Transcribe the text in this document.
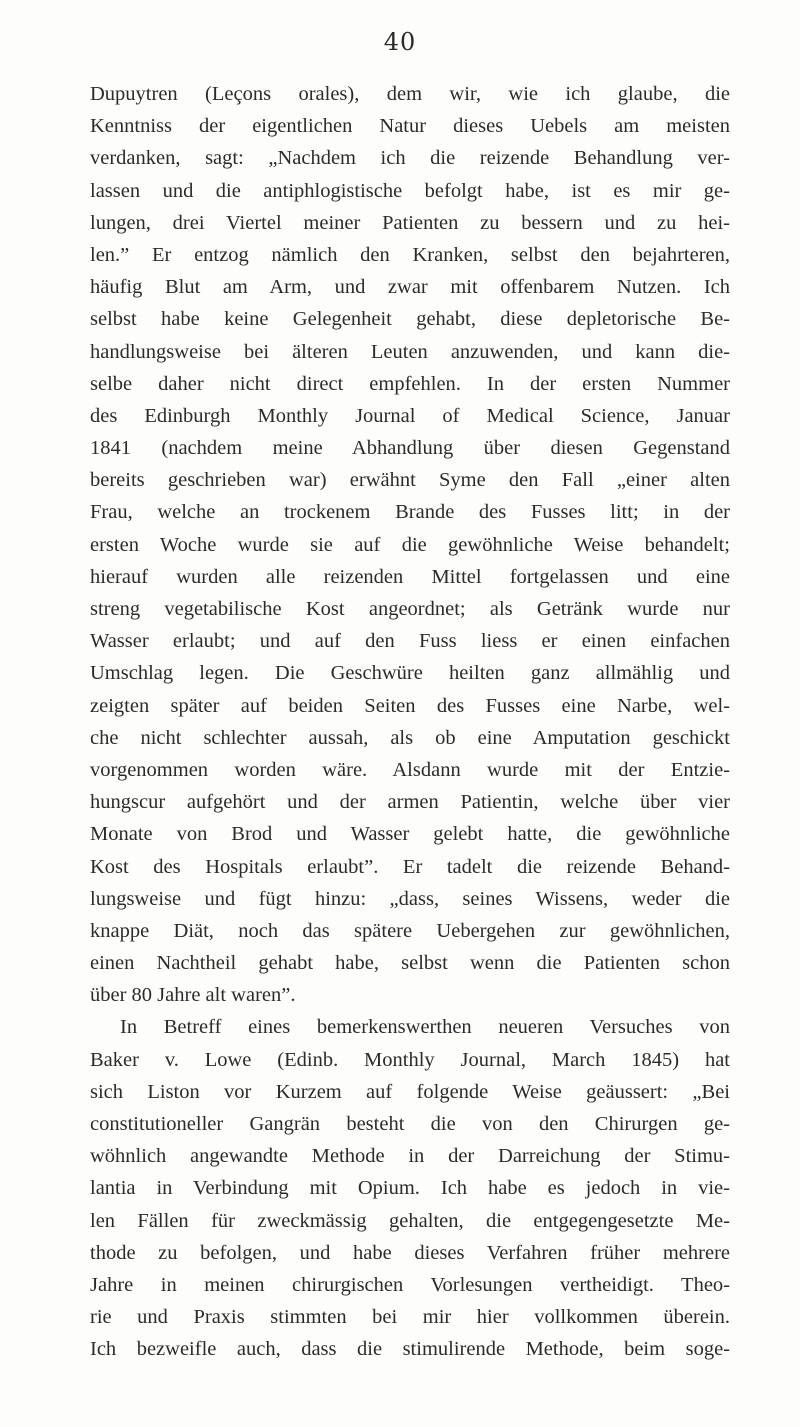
40
Dupuytren (Leçons orales), dem wir, wie ich glaube, die
Kenntniss der eigentlichen Natur dieses Uebels am meisten
verdanken, sagt: „Nachdem ich die reizende Behandlung ver-
lassen und die antiphlogistische befolgt habe, ist es mir ge-
lungen, drei Viertel meiner Patienten zu bessern und zu hei-
len.” Er entzog nämlich den Kranken, selbst den bejahrteren,
häufig Blut am Arm, und zwar mit offenbarem Nutzen. Ich
selbst habe keine Gelegenheit gehabt, diese depletorische Be-
handlungsweise bei älteren Leuten anzuwenden, und kann die-
selbe daher nicht direct empfehlen. In der ersten Nummer
des Edinburgh Monthly Journal of Medical Science, Januar
1841 (nachdem meine Abhandlung über diesen Gegenstand
bereits geschrieben war) erwähnt Syme den Fall „einer alten
Frau, welche an trockenem Brande des Fusses litt; in der
ersten Woche wurde sie auf die gewöhnliche Weise behandelt;
hierauf wurden alle reizenden Mittel fortgelassen und eine
streng vegetabilische Kost angeordnet; als Getränk wurde nur
Wasser erlaubt; und auf den Fuss liess er einen einfachen
Umschlag legen. Die Geschwüre heilten ganz allmählig und
zeigten später auf beiden Seiten des Fusses eine Narbe, wel-
che nicht schlechter aussah, als ob eine Amputation geschickt
vorgenommen worden wäre. Alsdann wurde mit der Entzie-
hungscur aufgehört und der armen Patientin, welche über vier
Monate von Brod und Wasser gelebt hatte, die gewöhnliche
Kost des Hospitals erlaubt”. Er tadelt die reizende Behand-
lungsweise und fügt hinzu: „dass, seines Wissens, weder die
knappe Diät, noch das spätere Uebergehen zur gewöhnlichen,
einen Nachtheil gehabt habe, selbst wenn die Patienten schon
über 80 Jahre alt waren”.
In Betreff eines bemerkenswerthen neueren Versuches von
Baker v. Lowe (Edinb. Monthly Journal, March 1845) hat
sich Liston vor Kurzem auf folgende Weise geäussert: „Bei
constitutioneller Gangrän besteht die von den Chirurgen ge-
wöhnlich angewandte Methode in der Darreichung der Stimu-
lantia in Verbindung mit Opium. Ich habe es jedoch in vie-
len Fällen für zweckmässig gehalten, die entgegengesetzte Me-
thode zu befolgen, und habe dieses Verfahren früher mehrere
Jahre in meinen chirurgischen Vorlesungen vertheidigt. Theo-
rie und Praxis stimmten bei mir hier vollkommen überein.
Ich bezweifle auch, dass die stimulirende Methode, beim soge-
